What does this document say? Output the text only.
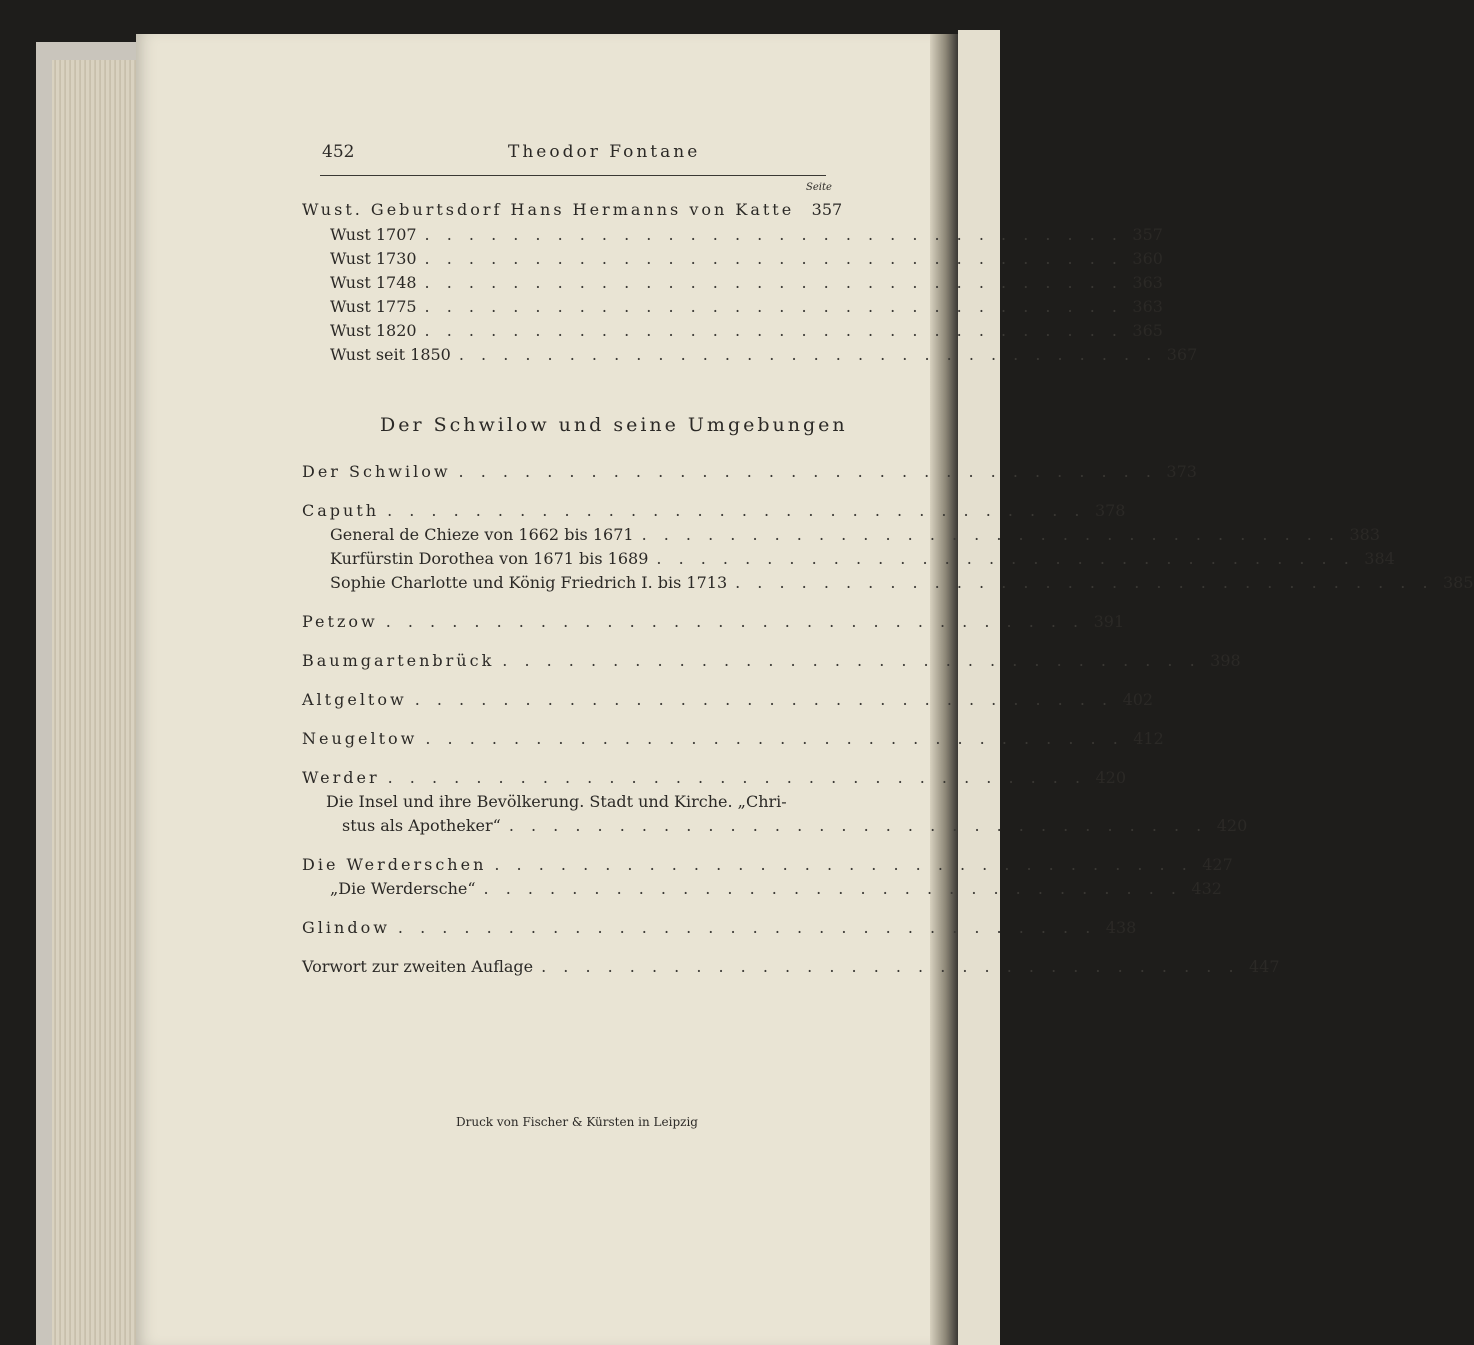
452	Theodor Fontane
Seite
Wust. Geburtsdorf Hans Hermanns von Katte 357
Wust 1707 . . . . . . . . . . . . . . . . . . . . . . . . . . . . . . . . 357
Wust 1730 . . . . . . . . . . . . . . . . . . . . . . . . . . . . . . . . 360
Wust 1748 . . . . . . . . . . . . . . . . . . . . . . . . . . . . . . . . 363
Wust 1775 . . . . . . . . . . . . . . . . . . . . . . . . . . . . . . . . 363
Wust 1820 . . . . . . . . . . . . . . . . . . . . . . . . . . . . . . . . 365
Wust seit 1850 . . . . . . . . . . . . . . . . . . . . . . . . . . . . . . . . 367
Der Schwilow und seine Umgebungen
Der Schwilow . . . . . . . . . . . . . . . . . . . . . . . . . . . . . . . . 373
Caputh . . . . . . . . . . . . . . . . . . . . . . . . . . . . . . . . 378
General de Chieze von 1662 bis 1671 . . . . . . . . . . . . . . . . . . . . . . . . . . . . . . . . 383
Kurfürstin Dorothea von 1671 bis 1689 . . . . . . . . . . . . . . . . . . . . . . . . . . . . . . . . 384
Sophie Charlotte und König Friedrich I. bis 1713 . . . . . . . . . . . . . . . . . . . . . . . . . . . . . . . . 385
Petzow . . . . . . . . . . . . . . . . . . . . . . . . . . . . . . . . 391
Baumgartenbrück . . . . . . . . . . . . . . . . . . . . . . . . . . . . . . . . 398
Altgeltow . . . . . . . . . . . . . . . . . . . . . . . . . . . . . . . . 402
Neugeltow . . . . . . . . . . . . . . . . . . . . . . . . . . . . . . . . 412
Werder . . . . . . . . . . . . . . . . . . . . . . . . . . . . . . . . 420
Die Insel und ihre Bevölkerung. Stadt und Kirche. „Chri-
stus als Apotheker“ . . . . . . . . . . . . . . . . . . . . . . . . . . . . . . . . 420
Die Werderschen . . . . . . . . . . . . . . . . . . . . . . . . . . . . . . . . 427
„Die Werdersche“ . . . . . . . . . . . . . . . . . . . . . . . . . . . . . . . . 432
Glindow . . . . . . . . . . . . . . . . . . . . . . . . . . . . . . . . 438
Vorwort zur zweiten Auflage . . . . . . . . . . . . . . . . . . . . . . . . . . . . . . . . 447
Druck von Fischer & Kürsten in Leipzig
